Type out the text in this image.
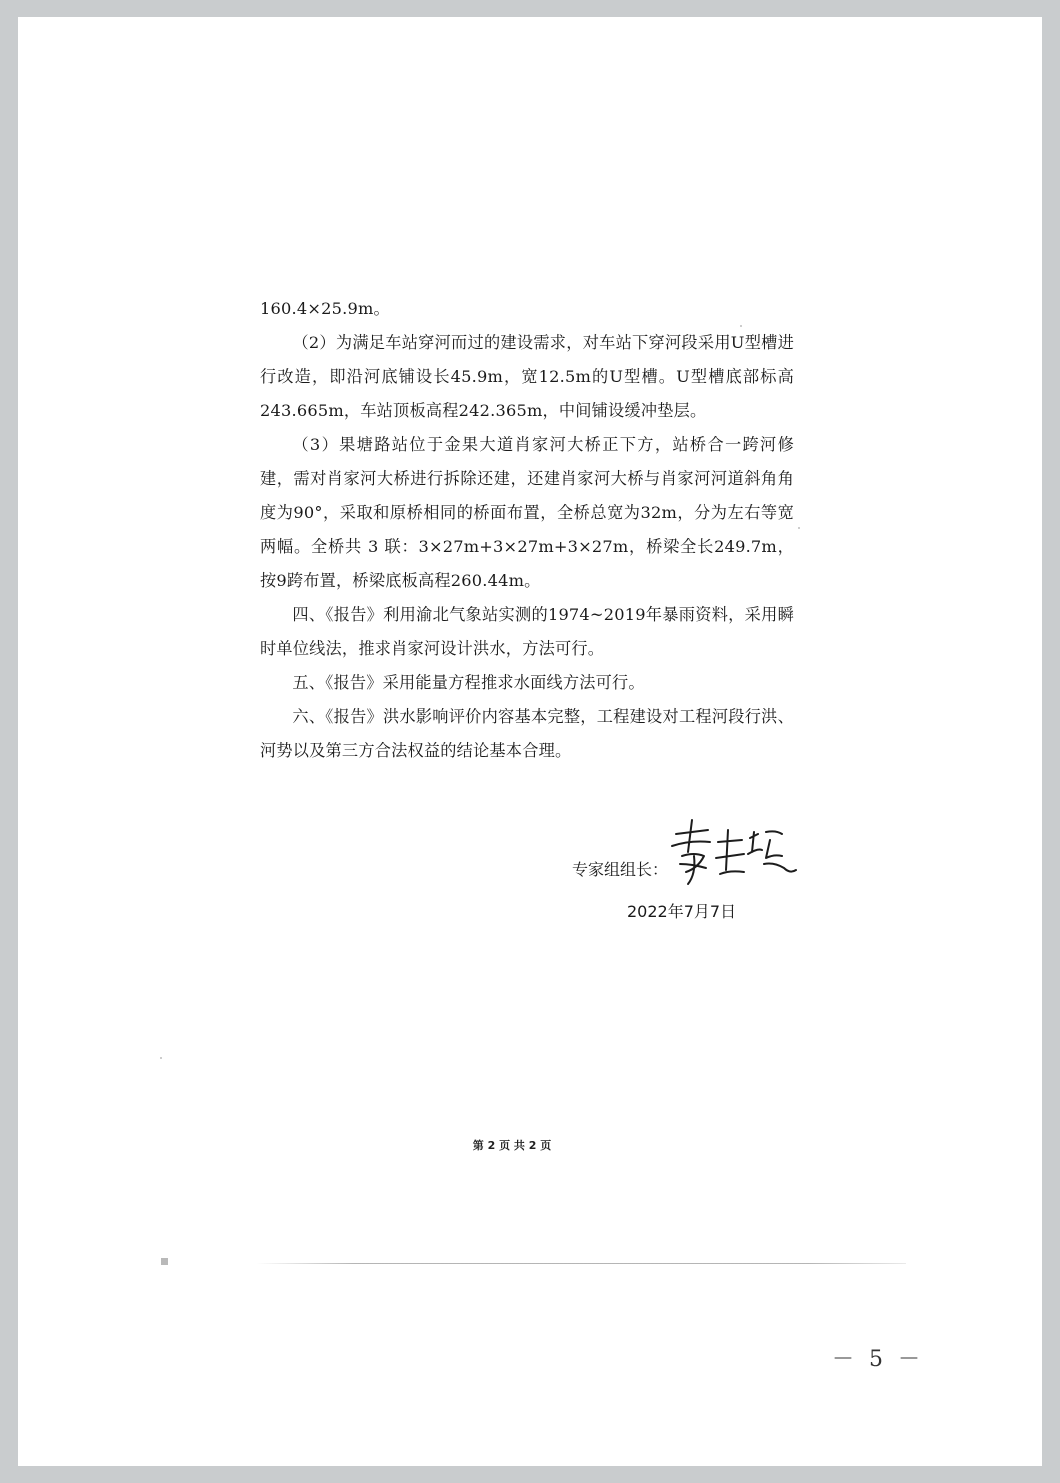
160.4×25.9m。

（2）为满足车站穿河而过的建设需求，对车站下穿河段采用U型槽进行改造，即沿河底铺设长45.9m，宽12.5m的U型槽。U型槽底部标高243.665m，车站顶板高程242.365m，中间铺设缓冲垫层。

（3）果塘路站位于金果大道肖家河大桥正下方，站桥合一跨河修建，需对肖家河大桥进行拆除还建，还建肖家河大桥与肖家河河道斜角角度为90°，采取和原桥相同的桥面布置，全桥总宽为32m，分为左右等宽两幅。全桥共 3 联：3×27m+3×27m+3×27m，桥梁全长249.7m，按9跨布置，桥梁底板高程260.44m。

四、《报告》利用渝北气象站实测的1974~2019年暴雨资料，采用瞬时单位线法，推求肖家河设计洪水，方法可行。

五、《报告》采用能量方程推求水面线方法可行。

六、《报告》洪水影响评价内容基本完整，工程建设对工程河段行洪、河势以及第三方合法权益的结论基本合理。

专家组组长：
2022年7月7日
第 2 页 共 2 页
－ 5 －
